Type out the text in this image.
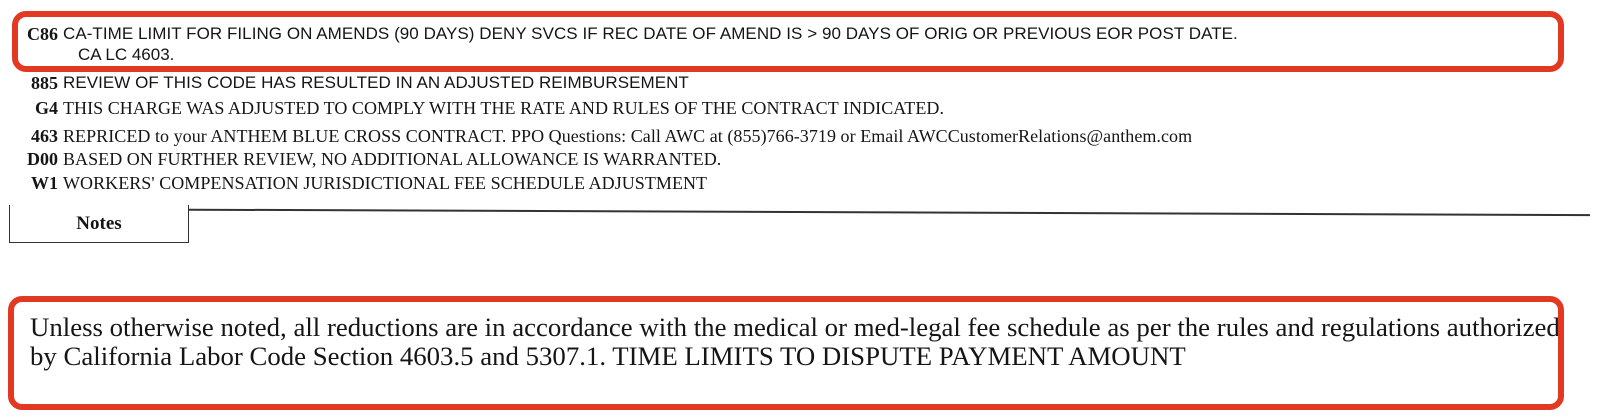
C86 CA-TIME LIMIT FOR FILING ON AMENDS (90 DAYS) DENY SVCS IF REC DATE OF AMEND IS > 90 DAYS OF ORIG OR PREVIOUS EOR POST DATE.
CA LC 4603.
885 REVIEW OF THIS CODE HAS RESULTED IN AN ADJUSTED REIMBURSEMENT
G4 THIS CHARGE WAS ADJUSTED TO COMPLY WITH THE RATE AND RULES OF THE CONTRACT INDICATED.
463 REPRICED to your ANTHEM BLUE CROSS CONTRACT. PPO Questions: Call AWC at (855)766-3719 or Email AWCCustomerRelations@anthem.com
D00 BASED ON FURTHER REVIEW, NO ADDITIONAL ALLOWANCE IS WARRANTED.
W1 WORKERS' COMPENSATION JURISDICTIONAL FEE SCHEDULE ADJUSTMENT
Notes
Unless otherwise noted, all reductions are in accordance with the medical or med-legal fee schedule as per the rules and regulations authorized by California Labor Code Section 4603.5 and 5307.1. TIME LIMITS TO DISPUTE PAYMENT AMOUNT
